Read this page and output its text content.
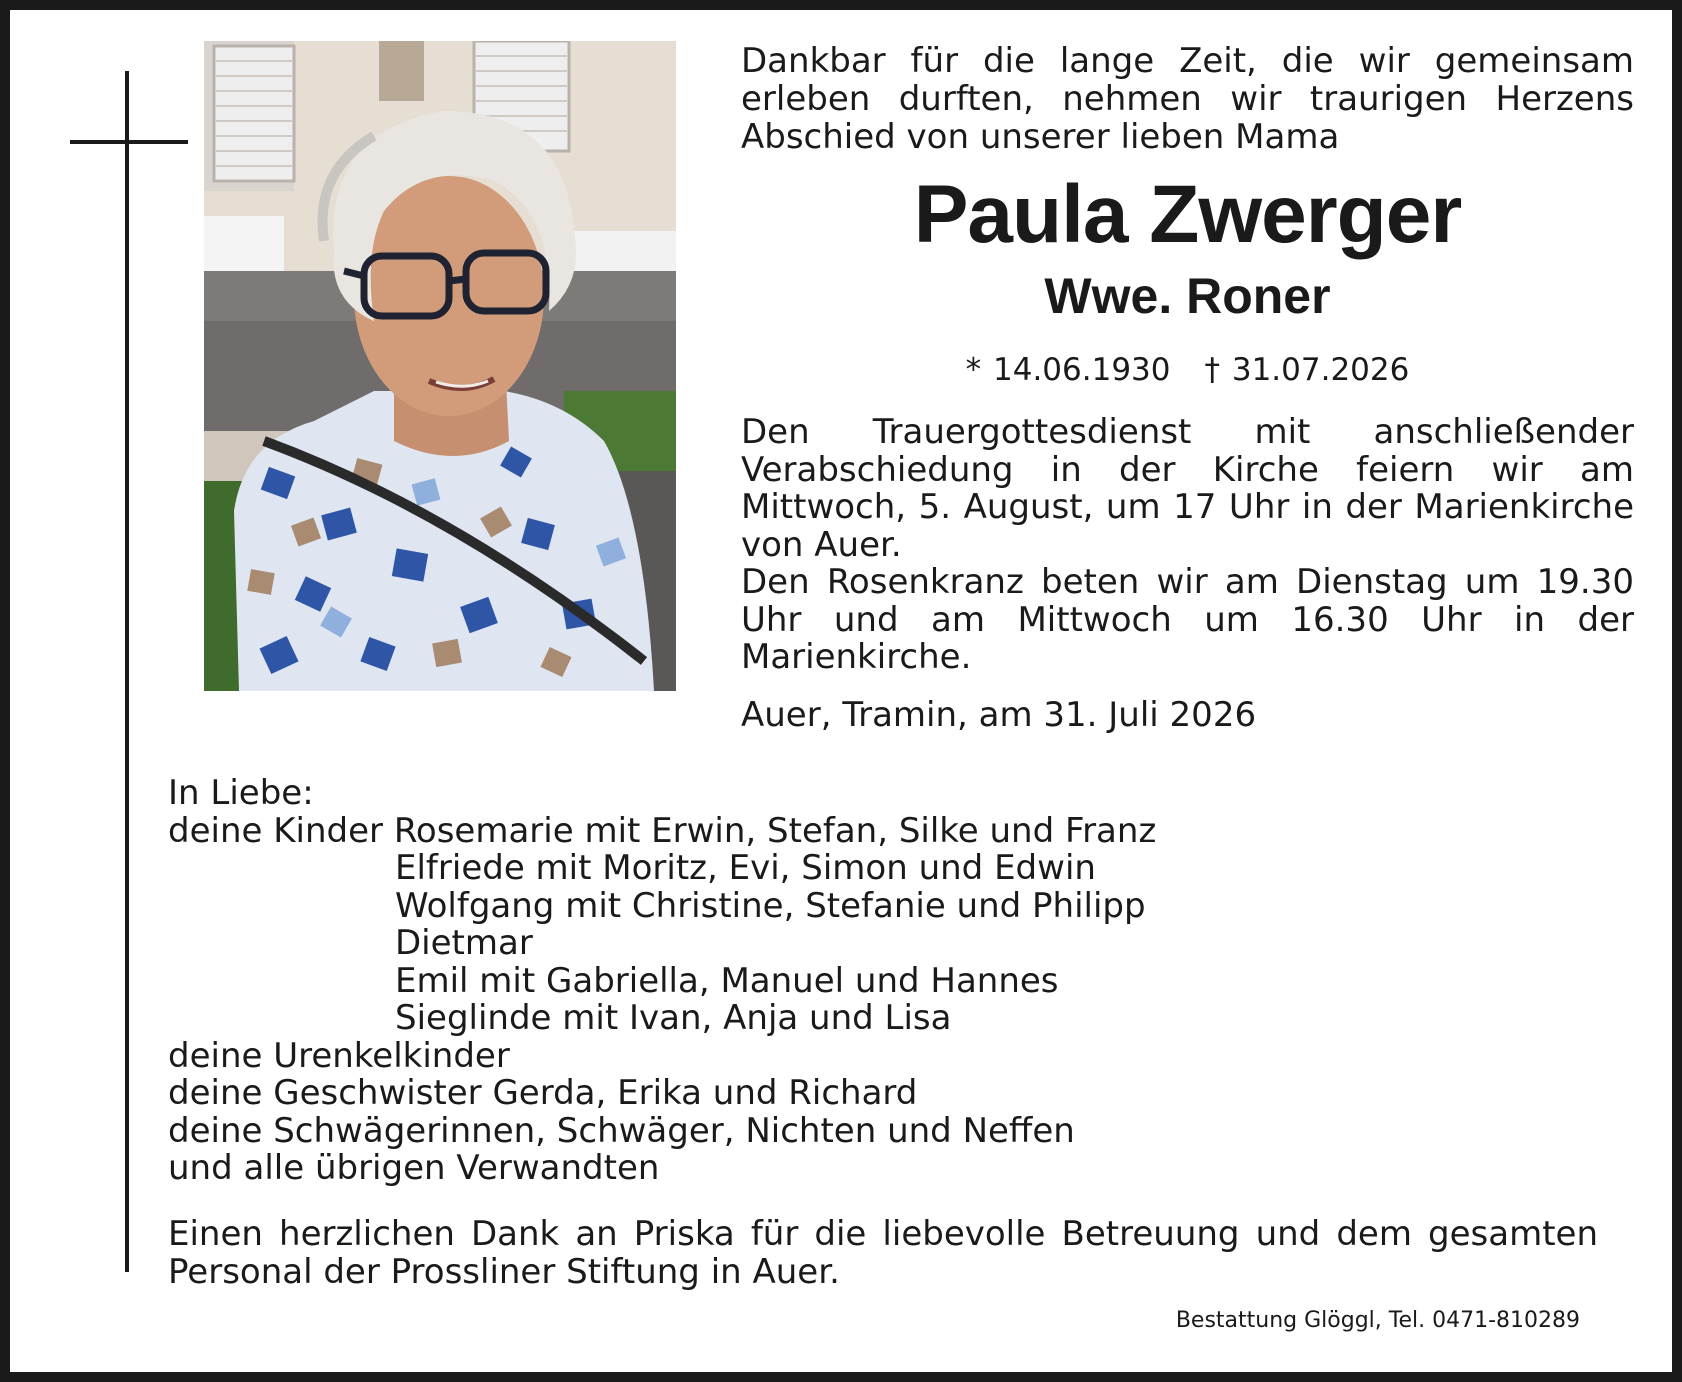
Dankbar für die lange Zeit, die wir gemeinsam erleben durften, nehmen wir traurigen Herzens Abschied von unserer lieben Mama

Paula Zwerger
Wwe. Roner
* 14.06.1930 † 31.07.2026

Den Trauergottesdienst mit anschließender Verabschiedung in der Kirche feiern wir am Mittwoch, 5. August, um 17 Uhr in der Marienkirche von Auer.

Den Rosenkranz beten wir am Dienstag um 19.30 Uhr und am Mittwoch um 16.30 Uhr in der Marienkirche.

Auer, Tramin, am 31. Juli 2026
In Liebe:
deine Kinder Rosemarie mit Erwin, Stefan, Silke und Franz
Elfriede mit Moritz, Evi, Simon und Edwin
Wolfgang mit Christine, Stefanie und Philipp
Dietmar
Emil mit Gabriella, Manuel und Hannes
Sieglinde mit Ivan, Anja und Lisa
deine Urenkelkinder
deine Geschwister Gerda, Erika und Richard
deine Schwägerinnen, Schwäger, Nichten und Neffen
und alle übrigen Verwandten
Einen herzlichen Dank an Priska für die liebevolle Betreuung und dem gesamten Personal der Prossliner Stiftung in Auer.
Bestattung Glöggl, Tel. 0471-810289
